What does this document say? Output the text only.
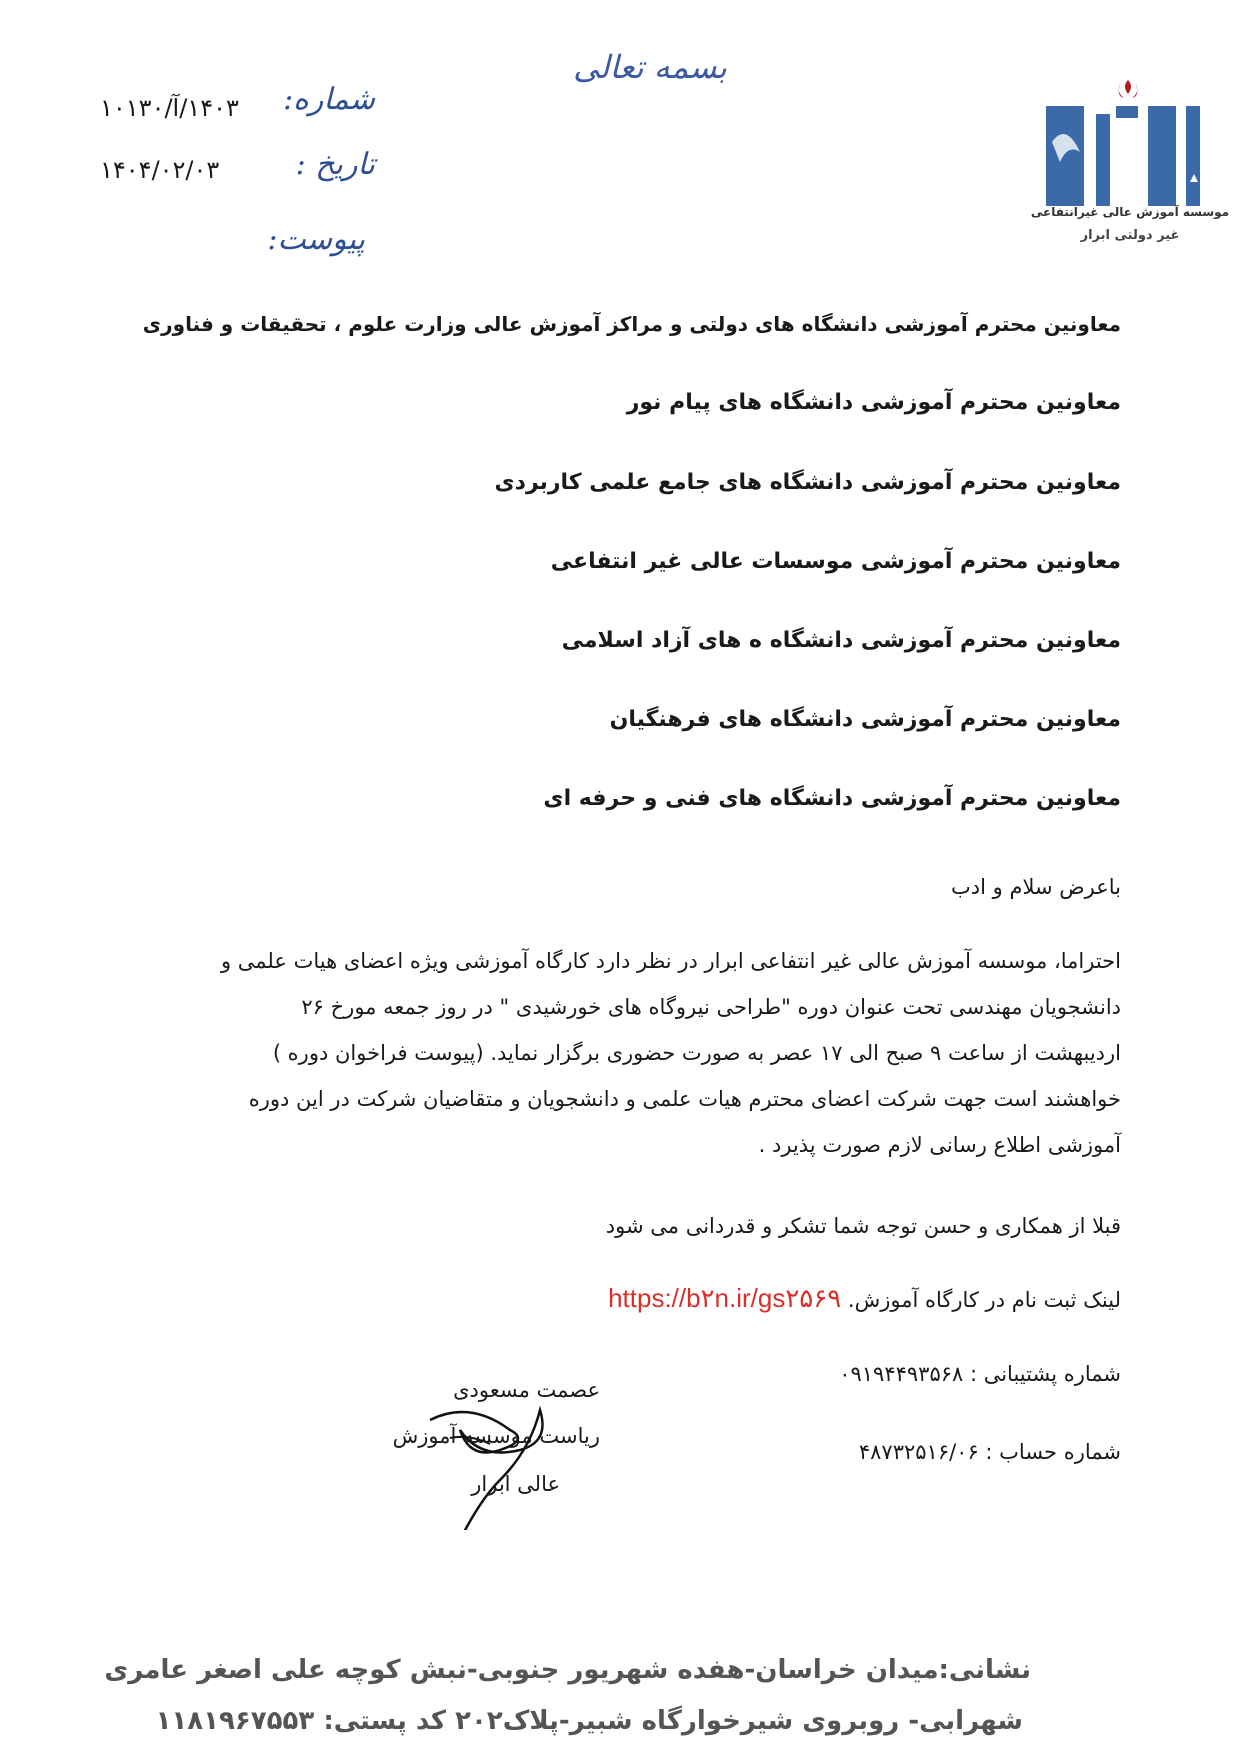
بسمه تعالی
شماره:
۱۴۰۳/آ/۱۰۱۳۰
تاریخ :
۱۴۰۴/۰۲/۰۳
پیوست:
موسسه آموزش عالی غیرانتفاعی
غیر دولتی ابرار
معاونین محترم آموزشی دانشگاه های دولتی و مراکز آموزش عالی وزارت علوم ، تحقیقات و فناوری
معاونین محترم آموزشی دانشگاه های پیام نور
معاونین محترم آموزشی دانشگاه های جامع علمی کاربردی
معاونین محترم آموزشی موسسات عالی غیر انتفاعی
معاونین محترم آموزشی دانشگاه ه های آزاد اسلامی
معاونین محترم آموزشی دانشگاه های فرهنگیان
معاونین محترم آموزشی دانشگاه های فنی و حرفه ای
باعرض سلام و ادب
احتراما، موسسه آموزش عالی غیر انتفاعی ابرار در نظر دارد کارگاه آموزشی ویژه اعضای هیات علمی و
دانشجویان مهندسی تحت عنوان دوره "طراحی نیروگاه های خورشیدی " در روز جمعه مورخ ۲۶
اردیبهشت از ساعت ۹ صبح الی ۱۷ عصر به صورت حضوری برگزار نماید. (پیوست فراخوان دوره )
خواهشند است جهت شرکت اعضای محترم هیات علمی و دانشجویان و متقاضیان شرکت در این دوره
آموزشی اطلاع رسانی لازم صورت پذیرد .
قبلا از همکاری و حسن توجه شما تشکر و قدردانی می شود
لینک ثبت نام در کارگاه آموزش. https://b۲n.ir/gs۲۵۶۹
شماره پشتیبانی : ۰۹۱۹۴۴۹۳۵۶۸
شماره حساب : ۴۸۷۳۲۵۱۶/۰۶
عصمت مسعودی
ریاست موسسه آموزش
عالی ابرار
نشانی:میدان خراسان-هفده شهریور جنوبی-نبش کوچه علی اصغر عامری
شهرابی- روبروی شیرخوارگاه شبیر-پلاک۲۰۲ کد پستی: ۱۱۸۱۹۶۷۵۵۳
